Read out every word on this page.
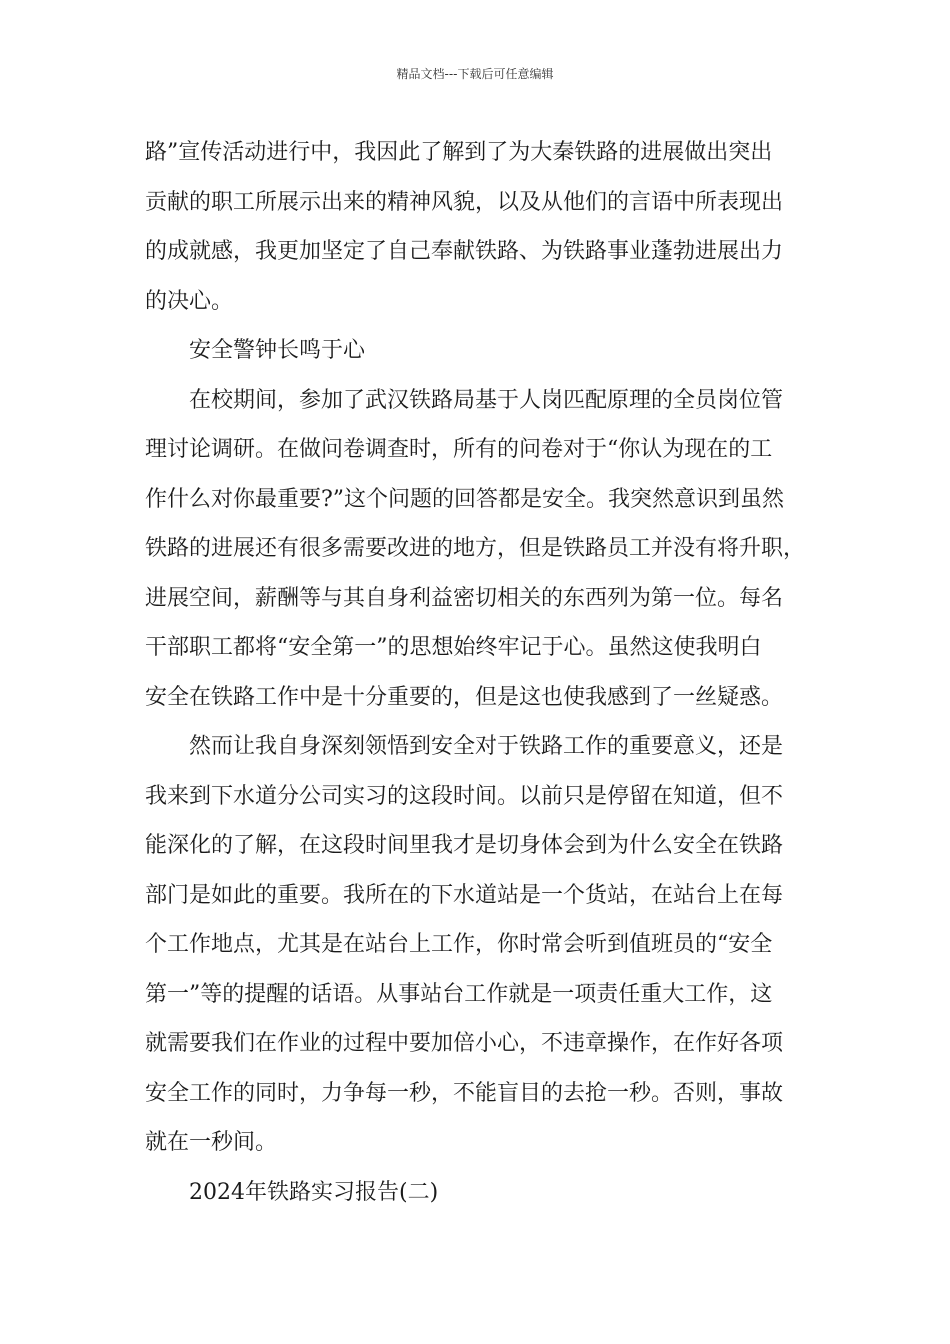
精品文档---下载后可任意编辑
路”宣传活动进行中，我因此了解到了为大秦铁路的进展做出突出
贡献的职工所展示出来的精神风貌，以及从他们的言语中所表现出
的成就感，我更加坚定了自己奉献铁路、为铁路事业蓬勃进展出力
的决心。
安全警钟长鸣于心
在校期间，参加了武汉铁路局基于人岗匹配原理的全员岗位管
理讨论调研。在做问卷调查时，所有的问卷对于“你认为现在的工
作什么对你最重要?”这个问题的回答都是安全。我突然意识到虽然
铁路的进展还有很多需要改进的地方，但是铁路员工并没有将升职，
进展空间，薪酬等与其自身利益密切相关的东西列为第一位。每名
干部职工都将“安全第一”的思想始终牢记于心。虽然这使我明白
安全在铁路工作中是十分重要的，但是这也使我感到了一丝疑惑。
然而让我自身深刻领悟到安全对于铁路工作的重要意义，还是
我来到下水道分公司实习的这段时间。以前只是停留在知道，但不
能深化的了解，在这段时间里我才是切身体会到为什么安全在铁路
部门是如此的重要。我所在的下水道站是一个货站，在站台上在每
个工作地点，尤其是在站台上工作，你时常会听到值班员的“安全
第一”等的提醒的话语。从事站台工作就是一项责任重大工作，这
就需要我们在作业的过程中要加倍小心，不违章操作，在作好各项
安全工作的同时，力争每一秒，不能盲目的去抢一秒。否则，事故
就在一秒间。
2024年铁路实习报告(二)
